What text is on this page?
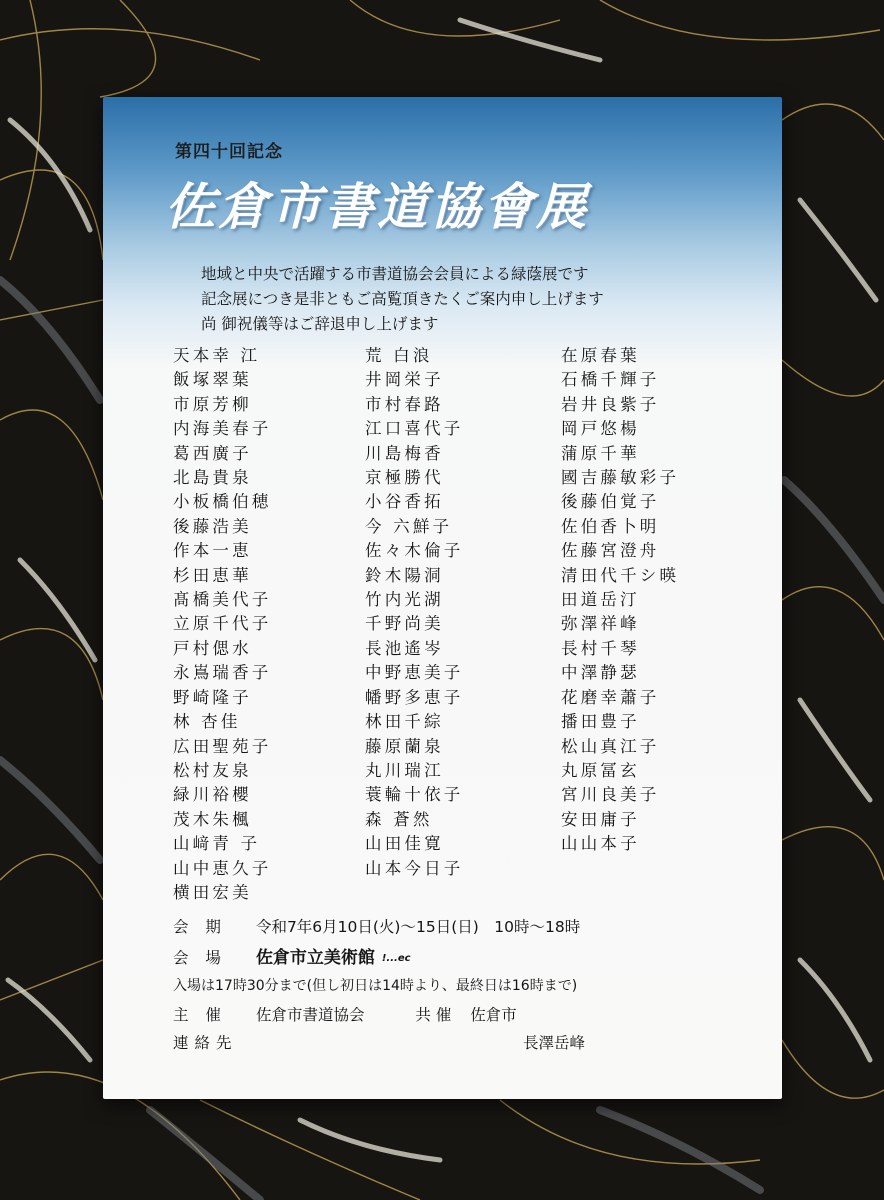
第四十回記念
佐倉市書道協會展
地域と中央で活躍する市書道協会会員による緑蔭展です
記念展につき是非ともご高覧頂きたくご案内申し上げます
尚 御祝儀等はご辞退申し上げます
天本幸 江
飯塚翠葉
市原芳柳
内海美春子
葛西廣子
北島貴泉
小板橋伯穂
後藤浩美
作本一恵
杉田恵華
髙橋美代子
立原千代子
戸村偲水
永嶌瑞香子
野崎隆子
林 杏佳
広田聖苑子
松村友泉
緑川裕櫻
茂木朱楓
山﨑青 子
山中恵久子
横田宏美
荒 白浪
井岡栄子
市村春路
江口喜代子
川島梅香
京極勝代
小谷香拓
今 六鮮子
佐々木倫子
鈴木陽洞
竹内光湖
千野尚美
長池遙岑
中野恵美子
幡野多恵子
林田千綜
藤原蘭泉
丸川瑞江
蓑輪十依子
森 蒼然
山田佳寛
山本今日子
在原春葉
石橋千輝子
岩井良紫子
岡戸悠楊
蒲原千華
國吉藤敏彩子
後藤伯覚子
佐伯香卜明
佐藤宮澄舟
清田代千シ暎
田道岳汀
弥澤祥峰
長村千琴
中澤静瑟
花磨幸蕭子
播田豊子
松山真江子
丸原冨玄
宮川良美子
安田庸子
山山本子
会 期 令和7年6月10日(火)〜15日(日)　10時〜18時
会 場 佐倉市立美術館 !...ec
入場は17時30分まで(但し初日は14時より、最終日は16時まで)
主 催 佐倉市書道協会	共 催 佐倉市
連絡先	長澤岳峰
